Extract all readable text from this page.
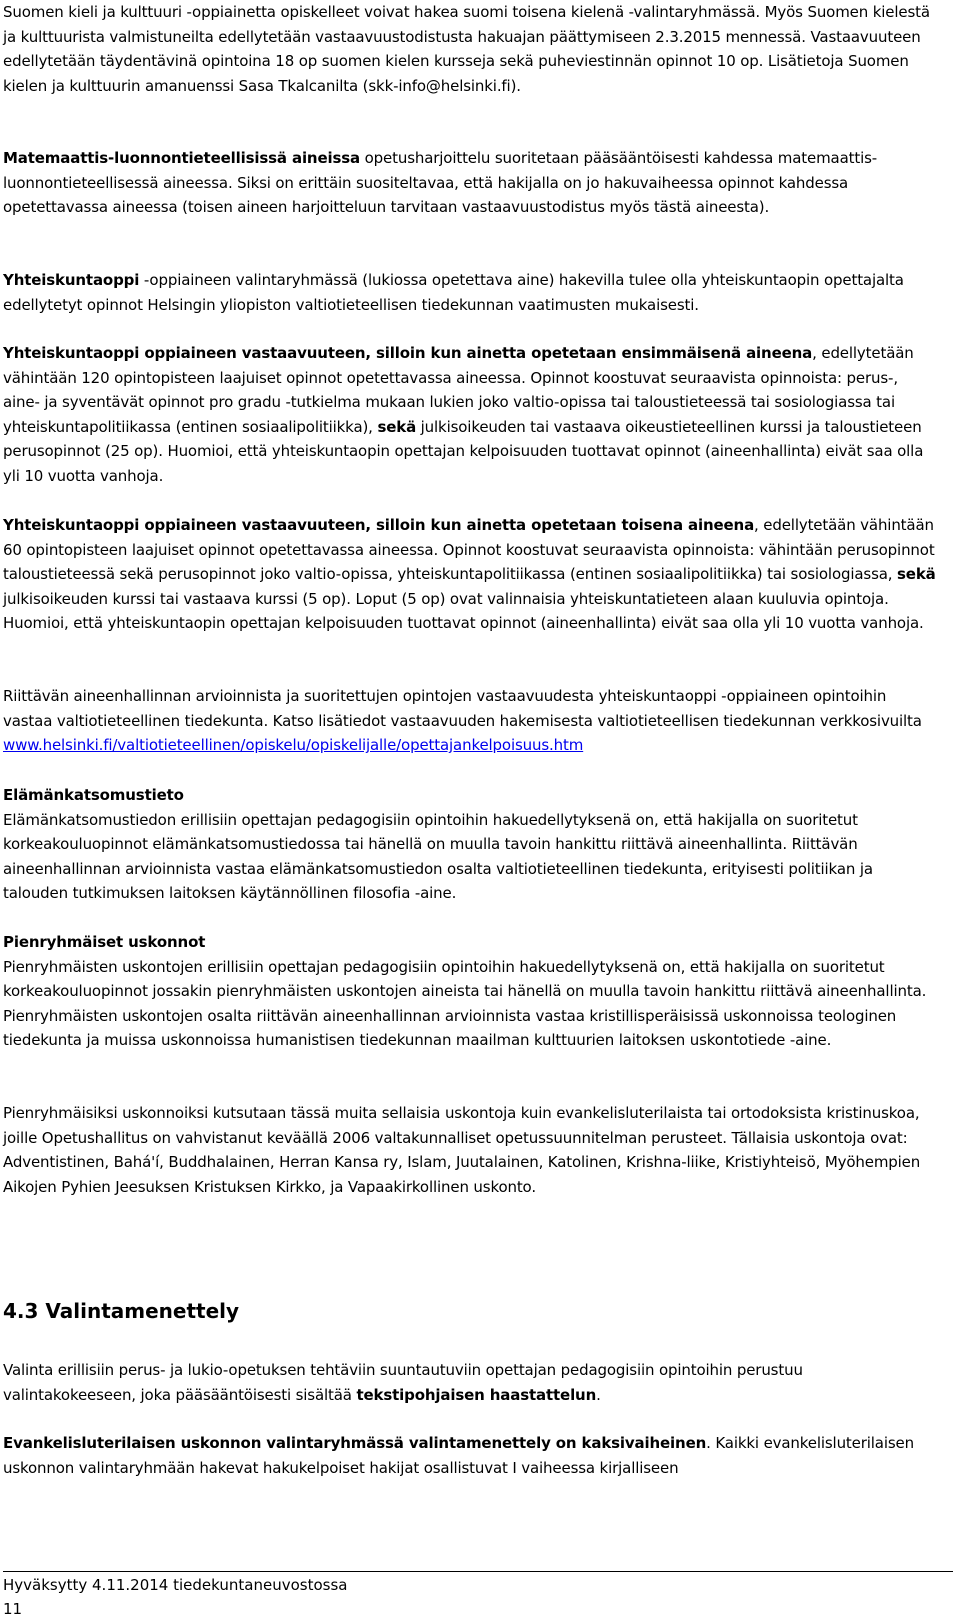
Suomen kieli ja kulttuuri -oppiainetta opiskelleet voivat hakea suomi toisena kielenä -valintaryhmässä. Myös Suomen kielestä ja kulttuurista valmistuneilta edellytetään vastaavuustodistusta hakuajan päättymiseen 2.3.2015 mennessä. Vastaavuuteen edellytetään täydentävinä opintoina 18 op suomen kielen kursseja sekä puheviestinnän opinnot 10 op. Lisätietoja Suomen kielen ja kulttuurin amanuenssi Sasa Tkalcanilta (skk-info@helsinki.fi).

Matemaattis-luonnontieteellisissä aineissa opetusharjoittelu suoritetaan pääsääntöisesti kahdessa matemaattis-luonnontieteellisessä aineessa. Siksi on erittäin suositeltavaa, että hakijalla on jo hakuvaiheessa opinnot kahdessa opetettavassa aineessa (toisen aineen harjoitteluun tarvitaan vastaavuustodistus myös tästä aineesta).

Yhteiskuntaoppi -oppiaineen valintaryhmässä (lukiossa opetettava aine) hakevilla tulee olla yhteiskuntaopin opettajalta edellytetyt opinnot Helsingin yliopiston valtiotieteellisen tiedekunnan vaatimusten mukaisesti.

Yhteiskuntaoppi oppiaineen vastaavuuteen, silloin kun ainetta opetetaan ensimmäisenä aineena, edellytetään vähintään 120 opintopisteen laajuiset opinnot opetettavassa aineessa. Opinnot koostuvat seuraavista opinnoista: perus-, aine- ja syventävät opinnot pro gradu -tutkielma mukaan lukien joko valtio-opissa tai taloustieteessä tai sosiologiassa tai yhteiskuntapolitiikassa (entinen sosiaalipolitiikka), sekä julkisoikeuden tai vastaava oikeustieteellinen kurssi ja taloustieteen perusopinnot (25 op). Huomioi, että yhteiskuntaopin opettajan kelpoisuuden tuottavat opinnot (aineenhallinta) eivät saa olla yli 10 vuotta vanhoja.

Yhteiskuntaoppi oppiaineen vastaavuuteen, silloin kun ainetta opetetaan toisena aineena, edellytetään vähintään 60 opintopisteen laajuiset opinnot opetettavassa aineessa. Opinnot koostuvat seuraavista opinnoista: vähintään perusopinnot taloustieteessä sekä perusopinnot joko valtio-opissa, yhteiskuntapolitiikassa (entinen sosiaalipolitiikka) tai sosiologiassa, sekä julkisoikeuden kurssi tai vastaava kurssi (5 op). Loput (5 op) ovat valinnaisia yhteiskuntatieteen alaan kuuluvia opintoja. Huomioi, että yhteiskuntaopin opettajan kelpoisuuden tuottavat opinnot (aineenhallinta) eivät saa olla yli 10 vuotta vanhoja.

Riittävän aineenhallinnan arvioinnista ja suoritettujen opintojen vastaavuudesta yhteiskuntaoppi -oppiaineen opintoihin vastaa valtiotieteellinen tiedekunta. Katso lisätiedot vastaavuuden hakemisesta valtiotieteellisen tiedekunnan verkkosivuilta www.helsinki.fi/valtiotieteellinen/opiskelu/opiskelijalle/opettajankelpoisuus.htm

Elämänkatsomustieto
Elämänkatsomustiedon erillisiin opettajan pedagogisiin opintoihin hakuedellytyksenä on, että hakijalla on suoritetut korkeakouluopinnot elämänkatsomustiedossa tai hänellä on muulla tavoin hankittu riittävä aineenhallinta. Riittävän aineenhallinnan arvioinnista vastaa elämänkatsomustiedon osalta valtiotieteellinen tiedekunta, erityisesti politiikan ja talouden tutkimuksen laitoksen käytännöllinen filosofia -aine.

Pienryhmäiset uskonnot
Pienryhmäisten uskontojen erillisiin opettajan pedagogisiin opintoihin hakuedellytyksenä on, että hakijalla on suoritetut korkeakouluopinnot jossakin pienryhmäisten uskontojen aineista tai hänellä on muulla tavoin hankittu riittävä aineenhallinta. Pienryhmäisten uskontojen osalta riittävän aineenhallinnan arvioinnista vastaa kristillisperäisissä uskonnoissa teologinen tiedekunta ja muissa uskonnoissa humanistisen tiedekunnan maailman kulttuurien laitoksen uskontotiede -aine.

Pienryhmäisiksi uskonnoiksi kutsutaan tässä muita sellaisia uskontoja kuin evankelisluterilaista tai ortodoksista kristinuskoa, joille Opetushallitus on vahvistanut keväällä 2006 valtakunnalliset opetussuunnitelman perusteet. Tällaisia uskontoja ovat: Adventistinen, Bahá'í, Buddhalainen, Herran Kansa ry, Islam, Juutalainen, Katolinen, Krishna-liike, Kristiyhteisö, Myöhempien Aikojen Pyhien Jeesuksen Kristuksen Kirkko, ja Vapaakirkollinen uskonto.

4.3 Valintamenettely

Valinta erillisiin perus- ja lukio-opetuksen tehtäviin suuntautuviin opettajan pedagogisiin opintoihin perustuu valintakokeeseen, joka pääsääntöisesti sisältää tekstipohjaisen haastattelun.

Evankelisluterilaisen uskonnon valintaryhmässä valintamenettely on kaksivaiheinen. Kaikki evankelisluterilaisen uskonnon valintaryhmään hakevat hakukelpoiset hakijat osallistuvat I vaiheessa kirjalliseen

Hyväksytty 4.11.2014 tiedekuntaneuvostossa
11
